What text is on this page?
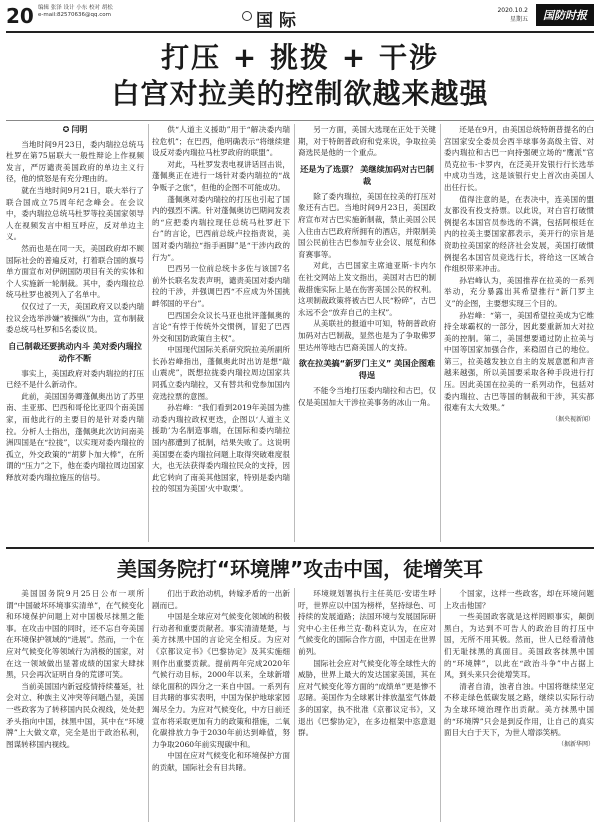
20 编辑 张泽 设计 小东 校对 胡松
e-mail:82570636@qq.com	国际
2020.10.2
星期五	国防时报
打压 + 挑拨 + 干涉
白宫对拉美的控制欲越来越强

✪ 闫明

当地时间9月23日，委内瑞拉总统马杜罗在第75届联大一般性辩论上作视频发言，严厉谴责美国政府的单边主义行径，他的愤怒是有充分理由的。

就在当地时间9月21日，联大举行了联合国成立75周年纪念峰会。在会议中，委内瑞拉总统马杜罗等拉美国家领导人在视频发言中相互呼应，反对单边主义。

然而也是在同一天，美国政府却不顾国际社会的普遍反对，打着联合国的旗号单方面宣布对伊朗国防项目有关的实体和个人实施新一轮制裁。其中，委内瑞拉总统马杜罗也被列入了名单中。

仅仅过了一天，美国政府又以委内瑞拉议会选举涉嫌“被操纵”为由，宣布制裁委总统马杜罗和5名委议员。

自己制裁还要挑动内斗 美对委内瑞拉动作不断

事实上，美国政府对委内瑞拉的打压已经不是什么新动作。

此前，美国国务卿蓬佩奥出访了苏里南、圭亚那、巴西和哥伦比亚四个南美国家，而他此行的主要目的是针对委内瑞拉。分析人士指出，蓬佩奥此次访问南美洲四国是在“拉拢”，以实现对委内瑞拉的孤立，外交政策的“胡萝卜加大棒”，在所谓的“压力”之下，他在委内瑞拉周边国家释放对委内瑞拉施压的信号。

供“人道主义援助”用于“解决委内瑞拉危机”；在巴西，他明确表示“将继续建设反对委内瑞拉马杜罗政府的联盟”。

对此，马杜罗发表电视讲话回击说，蓬佩奥正在进行一场针对委内瑞拉的“战争贩子之旅”，但他的企图不可能成功。

蓬佩奥对委内瑞拉的打压也引起了国内的强烈不满。针对蓬佩奥访巴期间发表的“应把委内瑞拉现任总统马杜罗赶下台”的言论，巴西前总统卢拉指责说，美国对委内瑞拉“指手画脚”是“干涉内政的行为”。

巴西另一位前总统卡多佐与该国7名前外长联名发表声明，谴责美国对委内瑞拉的干涉，并强调巴西“不应成为外国挑衅邻国的平台”。

巴西国会众议长马亚也批评蓬佩奥的言论“有悖于传统外交惯例，冒犯了巴西外交和国防政策自主权”。

中国现代国际关系研究院拉美所副所长孙岩峰指出，蓬佩奥此时出访是想“敲山震虎”，既想拉拢委内瑞拉周边国家共同孤立委内瑞拉，又有替共和党参加国内竞选拉票的意图。

孙岩峰：“我们看到2019年美国为推动委内瑞拉政权更迭，企图以‘人道主义援助’为名制造事端，在国际和委内瑞拉国内都遭到了抵制，结果失败了。这说明美国要在委内瑞拉问题上取得突破难度很大，也无法获得委内瑞拉民众的支持，因此它转向了南美其他国家，特别是委内瑞拉的邻国为美国‘火中取栗’。

另一方面，美国大选现在正处于关键期，对于特朗普政府和党来说，争取拉美裔选民是他的一个重点。

还是为了选票？ 美继续加码对古巴制裁

除了委内瑞拉，美国在拉美的打压对象还有古巴。当地时间9月23日，美国政府宣布对古巴实施新制裁，禁止美国公民入住由古巴政府所拥有的酒店，并限制美国公民前往古巴参加专业会议、展览和体育赛事等。

对此，古巴国家主席迪亚斯-卡内尔在社交网站上发文指出，美国对古巴的制裁措施实际上是在伤害美国公民的权利。这项制裁政策将被古巴人民“粉碎”，古巴永远不会“放弃自己的主权”。

从美联社的报道中可知，特朗普政府加码对古巴制裁，显然也是为了争取佛罗里达州等地古巴裔美国人的支持。

欲在拉美搞“新罗门主义” 美国企图难得逞

不能令当地打压委内瑞拉和古巴，仅仅是美国加大干涉拉美事务的冰山一角。

还是在9月，由美国总统特朗普提名的白宫国家安全委员会西半球事务高级主管、对委内瑞拉和古巴一向持强硬立场的“鹰派”官员克拉韦-卡罗内，在泛美开发银行行长选举中成功当选，这是该银行史上首次由美国人出任行长。

值得注意的是，在表决中，连美国的盟友都没有投支持票。以此说，对白宫打破惯例提名本国官员参选的不满，包括阿根廷在内的拉美主要国家都表示，美开行的宗旨是资助拉美国家的经济社会发展，美国打破惯例提名本国官员竞选行长，将给这一区域合作组织带来冲击。

孙岩峰认为，美国推荐在拉美的一系列举动，充分暴露出其希望推行“新门罗主义”的企图，主要想实现三个目的。

孙岩峰：“第一，美国希望拉美成为它维持全球霸权的一部分，因此要重新加大对拉美的控制。第二，美国想要通过防止拉美与中国等国家加强合作，来稳固自己的地位。第三，拉美越发独立自主的发展意愿和声音越来越强，所以美国要采取各种手段进行打压。因此美国在拉美的一系列动作，包括对委内瑞拉、古巴等国的制裁和干涉，其实都很难有太大效果。”

（据央视新闻）

美国务院打“环境牌”攻击中国，徒增笑耳

美国国务院9月25日公布一项所谓“中国破坏环境事实清单”，在气候变化和环境保护问题上对中国极尽抹黑之能事。在攻击中国的同时，还不忘自夸美国在环境保护领域的“进展”。然而，一个在应对气候变化等领域行为消极的国家，对在这一领域做出显著成绩的国家大肆抹黑，只会再次证明自身的荒谬可笑。

当前美国国内新冠疫情持续蔓延，社会对立、种族主义冲突等问题凸显，美国一些政客为了转移国内民众视线，处处把矛头指向中国，抹黑中国，其中在“环境牌”上大做文章，完全是出于政治私利，图谋转移国内视线。

们出于政治动机，转嫁矛盾的一出新剧而已。

中国是全球应对气候变化领域的积极行动者和重要贡献者。事实清清楚楚，与美方抹黑中国的言论完全相反。为应对《京都议定书》《巴黎协定》及其实施细则作出重要贡献。提前两年完成2020年气候行动目标，2000年以来，全球新增绿化面积的四分之一来自中国。一系列有目共睹的事实表明，中国为保护地球家园竭尽全力。为应对气候变化，中方日前还宣布将采取更加有力的政策和措施，二氧化碳排放力争于2030年前达到峰值，努力争取2060年前实现碳中和。

中国在应对气候变化和环境保护方面的贡献，国际社会有目共睹。

环境规划署执行主任英厄·安诺生呼吁，世界应以中国为榜样，坚持绿色、可持续的发展道路；法国环境与发展国际研究中心主任弗兰克·勒科克认为，在应对气候变化的国际合作方面，中国走在世界前列。

国际社会应对气候变化等全球性大的威胁，世界上最大的发达国家美国，其在应对气候变化等方面的“成绩单”更是惨不忍睹。美国作为全球累计排放温室气体最多的国家，执不批准《京都议定书》，又退出《巴黎协定》，在多边框架中恣意退群。

个国家，这样一些政客，却在环境问题上攻击他国？

一些美国政客就是这样罔顾事实，颠倒黑白，为达到不可告人的政治目的打压中国，无所不用其极。然而，世人已经看清他们无耻抹黑的真面目。美国政客抹黑中国的“环境牌”，以此在“政治斗争”中占据上风，到头来只会徒增笑耳。

清者自清，浊者自浊。中国将继续坚定不移走绿色低碳发展之路，继续以实际行动为全球环境治理作出贡献。美方抹黑中国的“环境牌”只会是到反作用，让自己的真实面目大白于天下，为世人增添笑柄。

（据新华网）
